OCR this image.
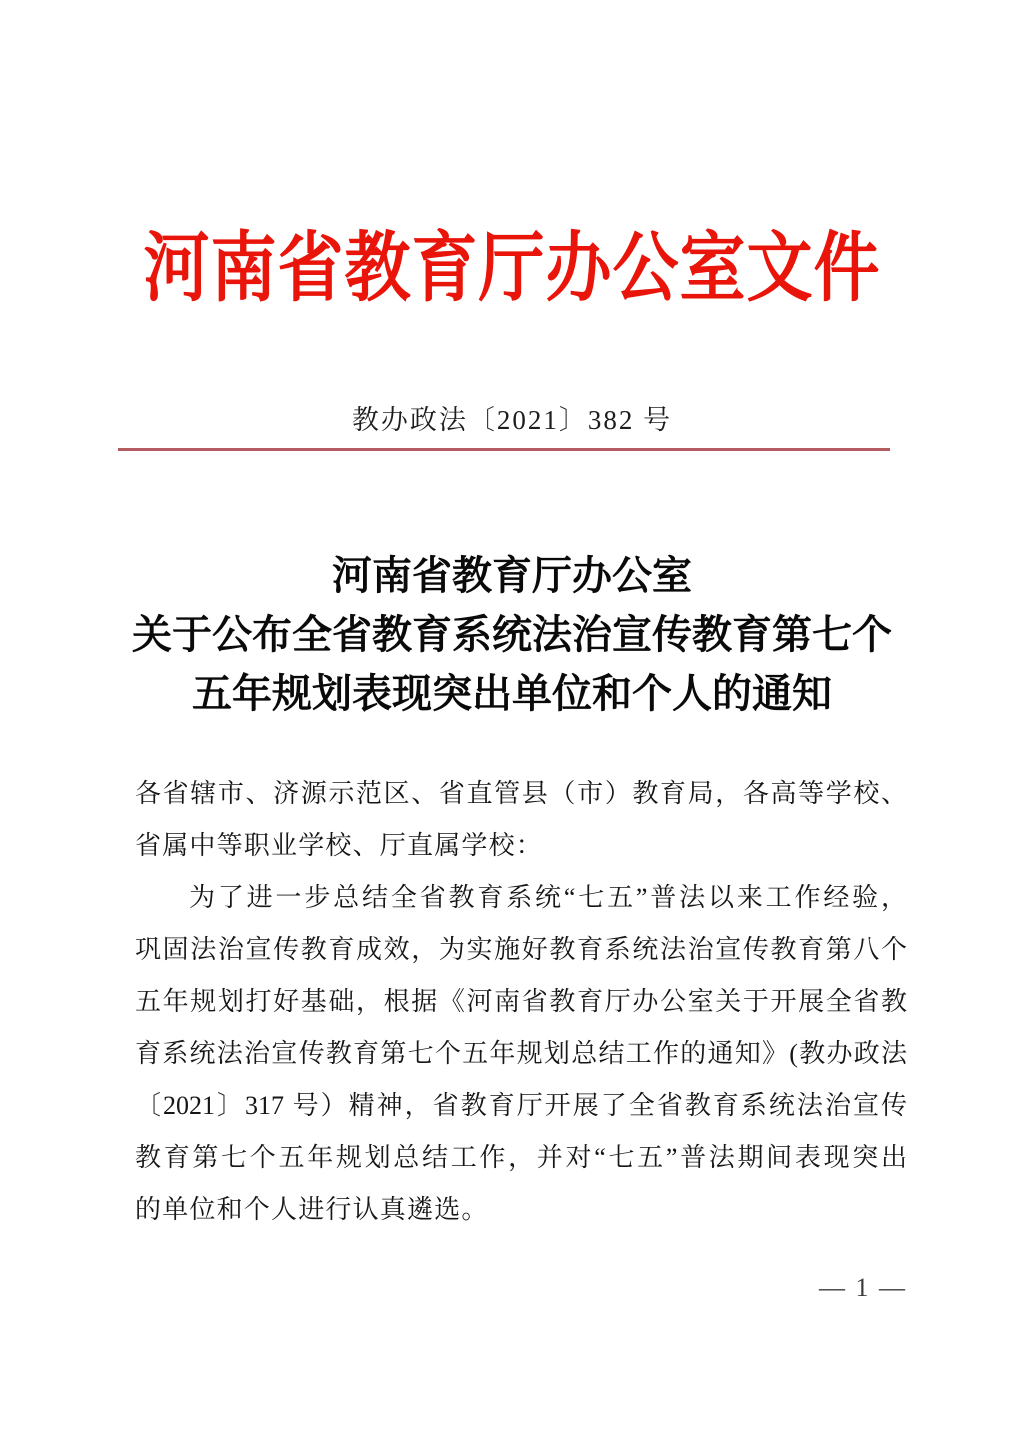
河南省教育厅办公室文件
教办政法〔2021〕382 号
河南省教育厅办公室
关于公布全省教育系统法治宣传教育第七个
五年规划表现突出单位和个人的通知
各省辖市、济源示范区、省直管县（市）教育局，各高等学校、
省属中等职业学校、厅直属学校：
为了进一步总结全省教育系统“七五”普法以来工作经验，
巩固法治宣传教育成效，为实施好教育系统法治宣传教育第八个
五年规划打好基础，根据《河南省教育厅办公室关于开展全省教
育系统法治宣传教育第七个五年规划总结工作的通知》(教办政法
〔2021〕317 号）精神，省教育厅开展了全省教育系统法治宣传
教育第七个五年规划总结工作，并对“七五”普法期间表现突出
的单位和个人进行认真遴选。
— 1 —
